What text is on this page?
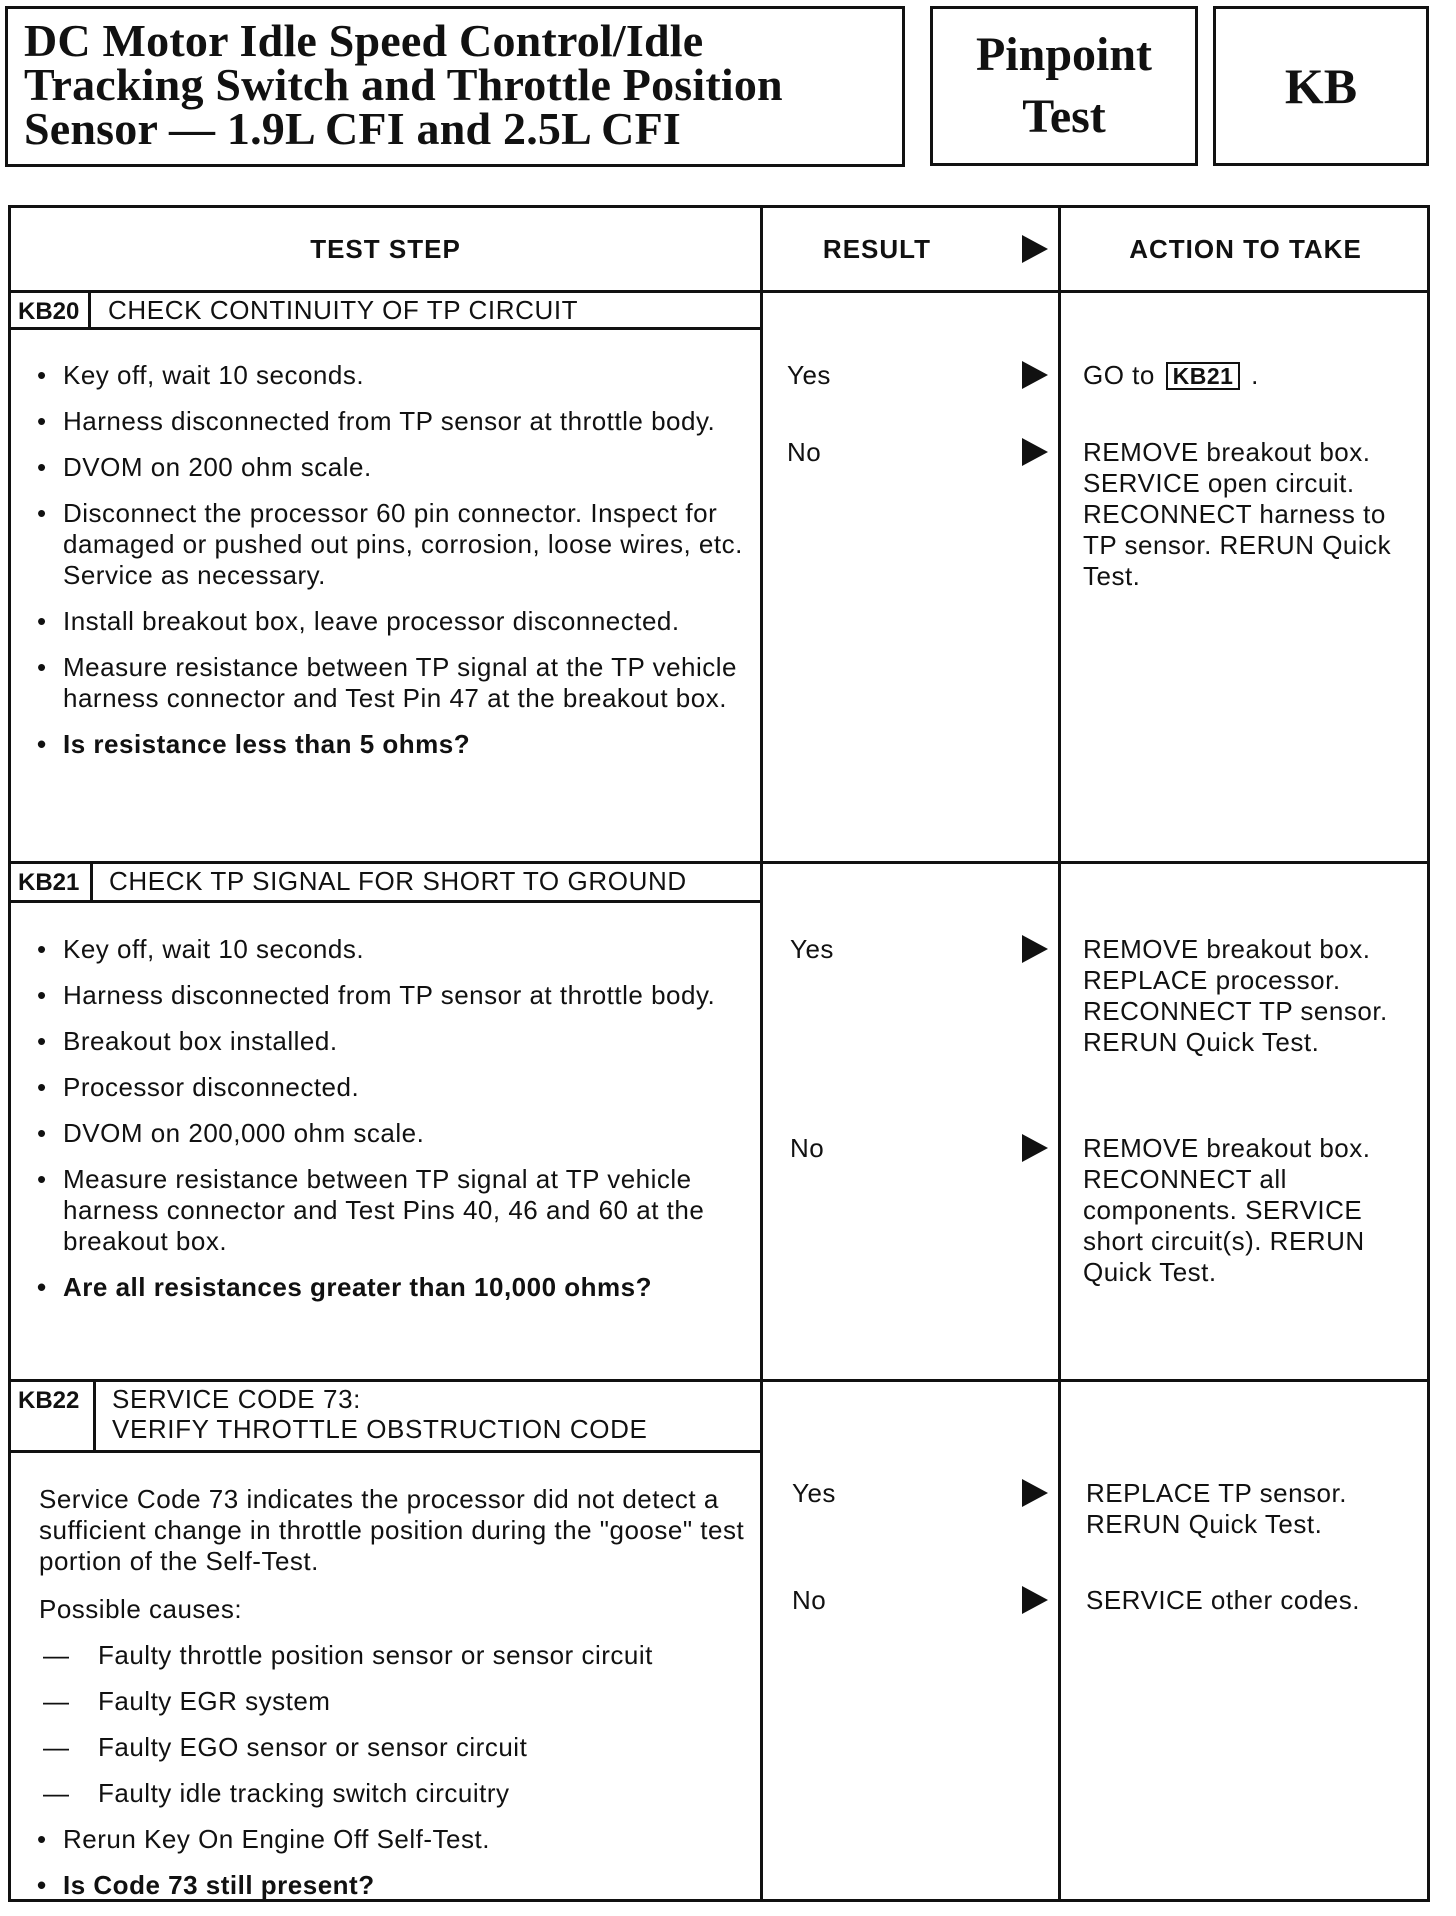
DC Motor Idle Speed Control/Idle
Tracking Switch and Throttle Position
Sensor — 1.9L CFI and 2.5L CFI
Pinpoint
Test
KB
TEST STEP	RESULT	ACTION TO TAKE
KB20	CHECK CONTINUITY OF TP CIRCUIT
• Key off, wait 10 seconds.
• Harness disconnected from TP sensor at throttle body.
• DVOM on 200 ohm scale.
• Disconnect the processor 60 pin connector. Inspect for damaged or pushed out pins, corrosion, loose wires, etc. Service as necessary.
• Install breakout box, leave processor disconnected.
• Measure resistance between TP signal at the TP vehicle harness connector and Test Pin 47 at the breakout box.
• Is resistance less than 5 ohms?
Yes	GO to KB21 .
No	REMOVE breakout box. SERVICE open circuit. RECONNECT harness to TP sensor. RERUN Quick Test.
KB21	CHECK TP SIGNAL FOR SHORT TO GROUND
• Key off, wait 10 seconds.
• Harness disconnected from TP sensor at throttle body.
• Breakout box installed.
• Processor disconnected.
• DVOM on 200,000 ohm scale.
• Measure resistance between TP signal at TP vehicle harness connector and Test Pins 40, 46 and 60 at the breakout box.
• Are all resistances greater than 10,000 ohms?
Yes	REMOVE breakout box. REPLACE processor. RECONNECT TP sensor. RERUN Quick Test.
No	REMOVE breakout box. RECONNECT all components. SERVICE short circuit(s). RERUN Quick Test.
KB22	SERVICE CODE 73:
VERIFY THROTTLE OBSTRUCTION CODE
Service Code 73 indicates the processor did not detect a sufficient change in throttle position during the "goose" test portion of the Self-Test.
Possible causes:
— Faulty throttle position sensor or sensor circuit
— Faulty EGR system
— Faulty EGO sensor or sensor circuit
— Faulty idle tracking switch circuitry
• Rerun Key On Engine Off Self-Test.
• Is Code 73 still present?
Yes	REPLACE TP sensor. RERUN Quick Test.
No	SERVICE other codes.
